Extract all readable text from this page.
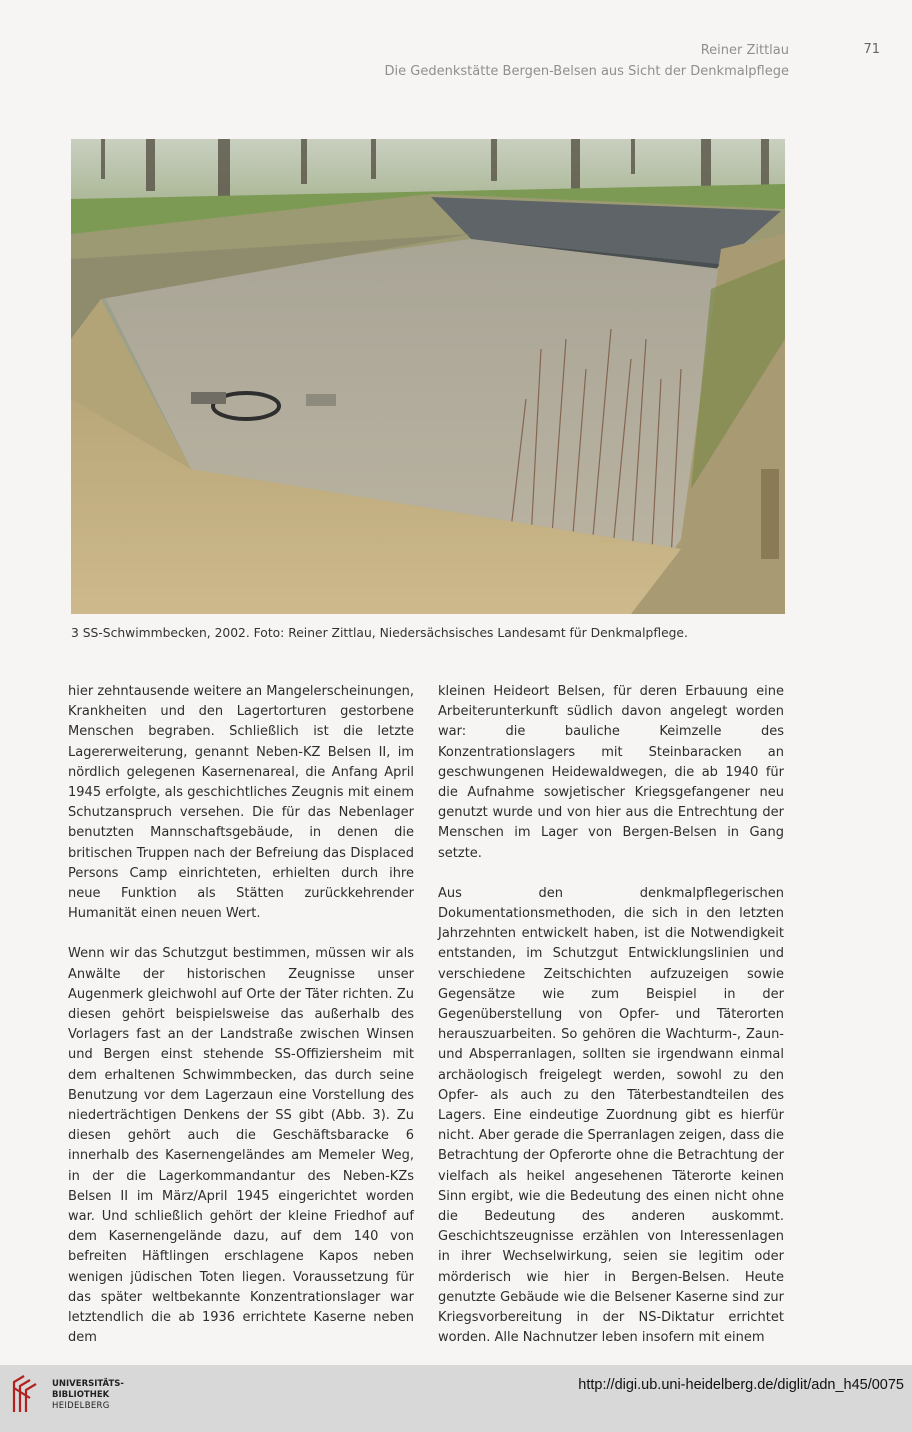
Reiner Zittlau
Die Gedenkstätte Bergen-Belsen aus Sicht der Denkmalpflege
71
3 SS-Schwimmbecken, 2002. Foto: Reiner Zittlau, Niedersächsisches Landesamt für Denkmalpflege.

hier zehntausende weitere an Mangelerscheinungen, Krankheiten und den Lagertorturen gestorbene Menschen begraben. Schließlich ist die letzte Lagererweiterung, genannt Neben-KZ Belsen II, im nördlich gelegenen Kasernenareal, die Anfang April 1945 erfolgte, als geschichtliches Zeugnis mit einem Schutzanspruch versehen. Die für das Nebenlager benutzten Mannschaftsgebäude, in denen die britischen Truppen nach der Befreiung das Displaced Persons Camp einrichteten, erhielten durch ihre neue Funktion als Stätten zurückkehrender Humanität einen neuen Wert.

Wenn wir das Schutzgut bestimmen, müssen wir als Anwälte der historischen Zeugnisse unser Augenmerk gleichwohl auf Orte der Täter richten. Zu diesen gehört beispielsweise das außerhalb des Vorlagers fast an der Landstraße zwischen Winsen und Bergen einst stehende SS-Offiziersheim mit dem erhaltenen Schwimmbecken, das durch seine Benutzung vor dem Lagerzaun eine Vorstellung des niederträchtigen Denkens der SS gibt (Abb. 3). Zu diesen gehört auch die Geschäftsbaracke 6 innerhalb des Kasernengeländes am Memeler Weg, in der die Lagerkommandantur des Neben-KZs Belsen II im März/April 1945 eingerichtet worden war. Und schließlich gehört der kleine Friedhof auf dem Kasernengelände dazu, auf dem 140 von befreiten Häftlingen erschlagene Kapos neben wenigen jüdischen Toten liegen. Voraussetzung für das später weltbekannte Konzentrationslager war letztendlich die ab 1936 errichtete Kaserne neben dem

kleinen Heideort Belsen, für deren Erbauung eine Arbeiterunterkunft südlich davon angelegt worden war: die bauliche Keimzelle des Konzentrationslagers mit Steinbaracken an geschwungenen Heidewaldwegen, die ab 1940 für die Aufnahme sowjetischer Kriegsgefangener neu genutzt wurde und von hier aus die Entrechtung der Menschen im Lager von Bergen-Belsen in Gang setzte.

Aus den denkmalpflegerischen Dokumentationsmethoden, die sich in den letzten Jahrzehnten entwickelt haben, ist die Notwendigkeit entstanden, im Schutzgut Entwicklungslinien und verschiedene Zeitschichten aufzuzeigen sowie Gegensätze wie zum Beispiel in der Gegenüberstellung von Opfer- und Täterorten herauszuarbeiten. So gehören die Wachturm-, Zaun- und Absperranlagen, sollten sie irgendwann einmal archäologisch freigelegt werden, sowohl zu den Opfer- als auch zu den Täterbestandteilen des Lagers. Eine eindeutige Zuordnung gibt es hierfür nicht. Aber gerade die Sperranlagen zeigen, dass die Betrachtung der Opferorte ohne die Betrachtung der vielfach als heikel angesehenen Täterorte keinen Sinn ergibt, wie die Bedeutung des einen nicht ohne die Bedeutung des anderen auskommt. Geschichtszeugnisse erzählen von Interessenlagen in ihrer Wechselwirkung, seien sie legitim oder mörderisch wie hier in Bergen-Belsen. Heute genutzte Gebäude wie die Belsener Kaserne sind zur Kriegsvorbereitung in der NS-Diktatur errichtet worden. Alle Nachnutzer leben insofern mit einem

UNIVERSITÄTS-
BIBLIOTHEK
HEIDELBERG
http://digi.ub.uni-heidelberg.de/diglit/adn_h45/0075
